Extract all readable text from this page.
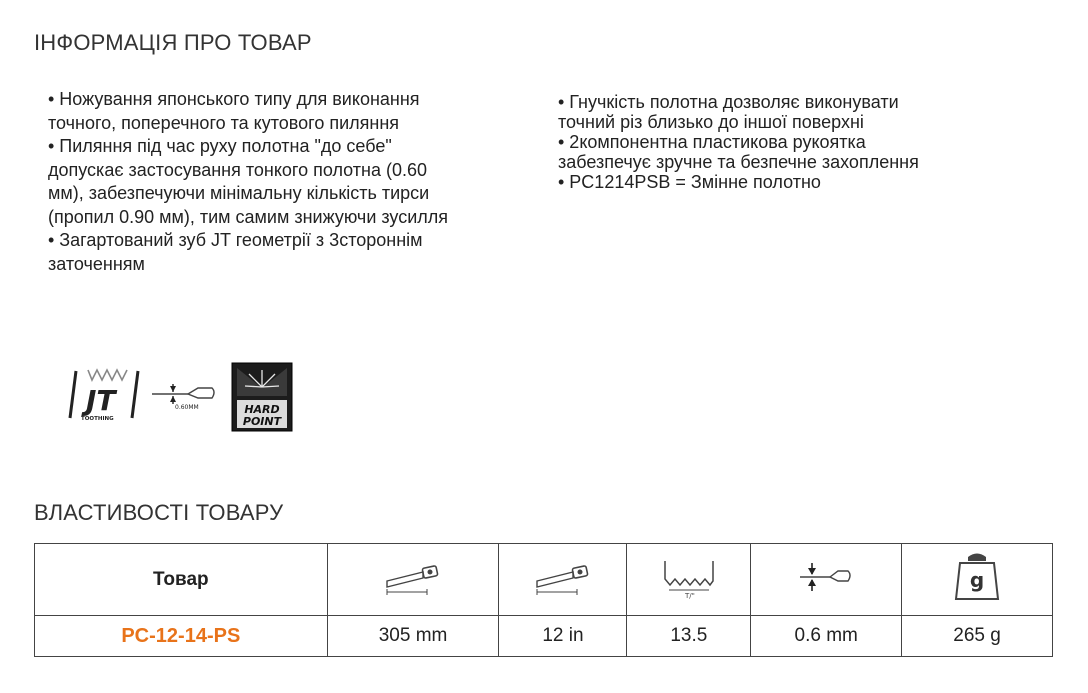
ІНФОРМАЦІЯ ПРО ТОВАР
• Ножування японського типу для виконання
точного, поперечного та кутового пиляння
• Пиляння під час руху полотна "до себе"
допускає застосування тонкого полотна (0.60
мм), забезпечуючи мінімальну кількість тирси
(пропил 0.90 мм), тим самим знижуючи зусилля
• Загартований зуб JT геометрії з 3стороннім
заточенням
• Гнучкість полотна дозволяє виконувати
точний різ близько до іншої поверхні
• 2компонентна пластикова рукоятка
забезпечує зручне та безпечне захоплення
• PC1214PSB = Змінне полотно
JT
TOOTHING
0.60MM	HARD
POINT
ВЛАСТИВОСТІ ТОВАРУ
Товар			T/"		g

PC-12-14-PS	305 mm	12 in	13.5	0.6 mm	265 g
